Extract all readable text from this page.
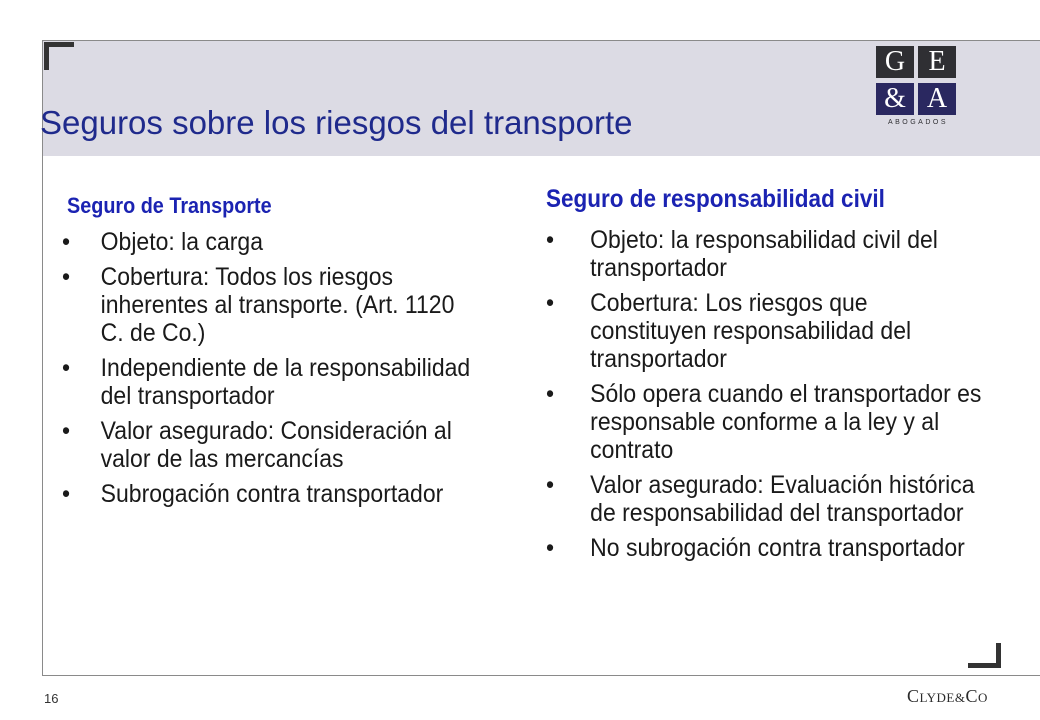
Seguros sobre los riesgos del transporte
G E
& A
ABOGADOS
Seguro de Transporte
• Objeto: la carga
• Cobertura: Todos los riesgos inherentes al transporte. (Art. 1120 C. de Co.)
• Independiente de la responsabilidad del transportador
• Valor asegurado: Consideración al valor de las mercancías
• Subrogación contra transportador
Seguro de responsabilidad civil
• Objeto: la responsabilidad civil del transportador
• Cobertura: Los riesgos que constituyen responsabilidad del transportador
• Sólo opera cuando el transportador es responsable conforme a la ley y al contrato
• Valor asegurado: Evaluación histórica de responsabilidad del transportador
• No subrogación contra transportador
16	CLYDE&CO
